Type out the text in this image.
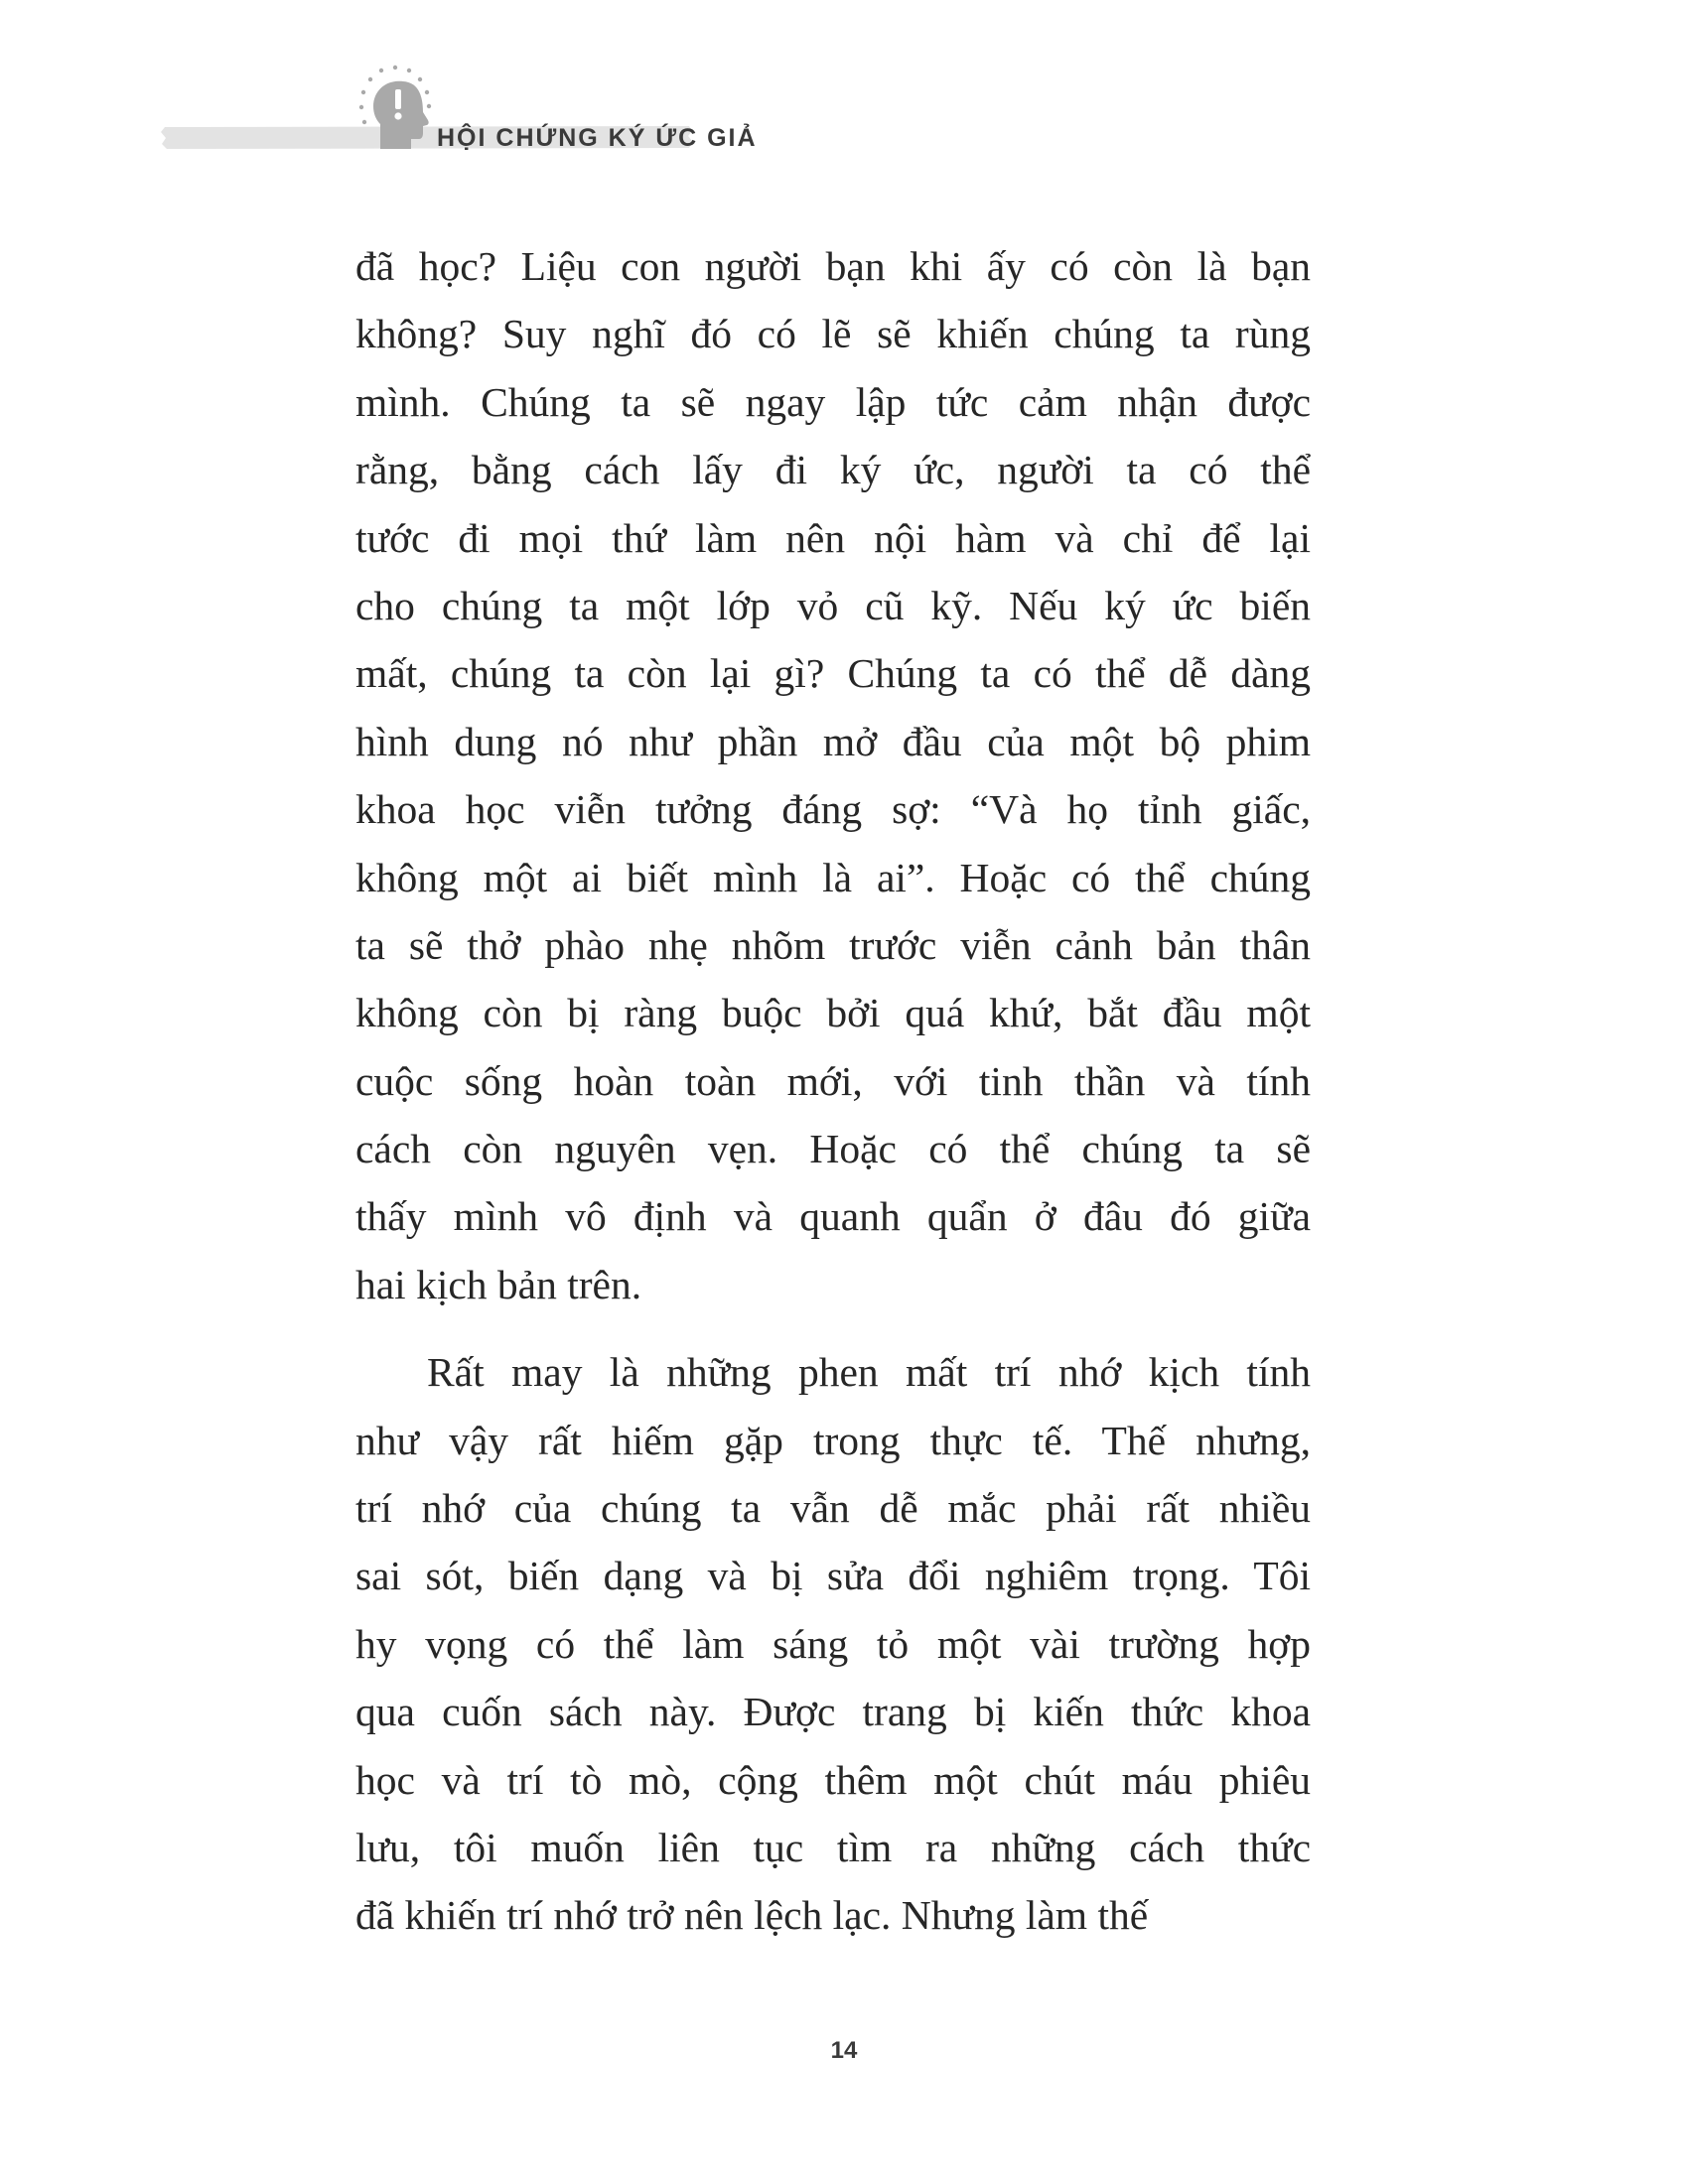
HỘI CHỨNG KÝ ỨC GIẢ

đã học? Liệu con người bạn khi ấy có còn là bạn
không? Suy nghĩ đó có lẽ sẽ khiến chúng ta rùng
mình. Chúng ta sẽ ngay lập tức cảm nhận được
rằng, bằng cách lấy đi ký ức, người ta có thể
tước đi mọi thứ làm nên nội hàm và chỉ để lại
cho chúng ta một lớp vỏ cũ kỹ. Nếu ký ức biến
mất, chúng ta còn lại gì? Chúng ta có thể dễ dàng
hình dung nó như phần mở đầu của một bộ phim
khoa học viễn tưởng đáng sợ: “Và họ tỉnh giấc,
không một ai biết mình là ai”. Hoặc có thể chúng
ta sẽ thở phào nhẹ nhõm trước viễn cảnh bản thân
không còn bị ràng buộc bởi quá khứ, bắt đầu một
cuộc sống hoàn toàn mới, với tinh thần và tính
cách còn nguyên vẹn. Hoặc có thể chúng ta sẽ
thấy mình vô định và quanh quẩn ở đâu đó giữa
hai kịch bản trên.

Rất may là những phen mất trí nhớ kịch tính
như vậy rất hiếm gặp trong thực tế. Thế nhưng,
trí nhớ của chúng ta vẫn dễ mắc phải rất nhiều
sai sót, biến dạng và bị sửa đổi nghiêm trọng. Tôi
hy vọng có thể làm sáng tỏ một vài trường hợp
qua cuốn sách này. Được trang bị kiến thức khoa
học và trí tò mò, cộng thêm một chút máu phiêu
lưu, tôi muốn liên tục tìm ra những cách thức
đã khiến trí nhớ trở nên lệch lạc. Nhưng làm thế

14
